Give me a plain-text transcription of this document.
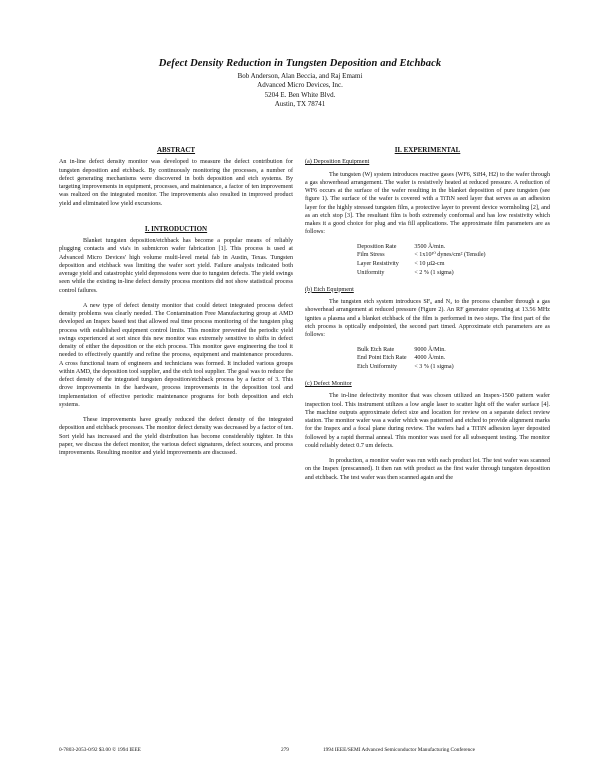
Defect Density Reduction in Tungsten Deposition and Etchback
Bob Anderson, Alan Beccia, and Raj Emami
Advanced Micro Devices, Inc.
5204 E. Ben White Blvd.
Austin, TX 78741
ABSTRACT

An in-line defect density monitor was developed to measure the defect contribution for tungsten deposition and etchback. By continuously monitoring the processes, a number of defect generating mechanisms were discovered in both deposition and etch systems. By targeting improvements in equipment, processes, and maintenance, a factor of ten improvement was realized on the integrated monitor. The improvements also resulted in improved product yield and eliminated low yield excursions.

I. INTRODUCTION

Blanket tungsten deposition/etchback has become a popular means of reliably plugging contacts and via's in submicron wafer fabrication [1]. This process is used at Advanced Micro Devices' high volume multi-level metal fab in Austin, Texas. Tungsten deposition and etchback was limiting the wafer sort yield. Failure analysis indicated both average yield and catastrophic yield depressions were due to tungsten defects. The yield swings seen while the existing in-line defect density process monitors did not show statistical process control failures.

A new type of defect density monitor that could detect integrated process defect density problems was clearly needed. The Contamination Free Manufacturing group at AMD developed an Inspex based test that allowed real time process monitoring of the tungsten plug process with established equipment control limits. This monitor prevented the periodic yield swings experienced at sort since this new monitor was extremely sensitive to shifts in defect density of either the deposition or the etch process. This monitor gave engineering the tool it needed to effectively quantify and refine the process, equipment and maintenance procedures. A cross functional team of engineers and technicians was formed. It included various groups within AMD, the deposition tool supplier, and the etch tool supplier. The goal was to reduce the defect density of the integrated tungsten deposition/etchback process by a factor of 3. This drove improvements in the hardware, process improvements in the deposition tool and implementation of effective periodic maintenance programs for both deposition and etch systems.

These improvements have greatly reduced the defect density of the integrated deposition and etchback processes. The monitor defect density was decreased by a factor of ten. Sort yield has increased and the yield distribution has become considerably tighter. In this paper, we discuss the defect monitor, the various defect signatures, defect sources, and process improvements. Resulting monitor and yield improvements are discussed.

II. EXPERIMENTAL
(a) Deposition Equipment

The tungsten (W) system introduces reactive gases (WF6, SiH4, H2) to the wafer through a gas showerhead arrangement. The wafer is resistively heated at reduced pressure. A reduction of WF6 occurs at the surface of the wafer resulting in the blanket deposition of pure tungsten (see figure 1). The surface of the wafer is covered with a TiTiN seed layer that serves as an adhesion layer for the highly stressed tungsten film, a protective layer to prevent device wormholing [2], and as an etch stop [3]. The resultant film is both extremely conformal and has low resistivity which makes it a good choice for plug and via fill applications. The approximate film parameters are as follows:

Deposition Rate	3500 Å/min.
Film Stress	< 1x10¹⁰ dynes/cm² (Tensile)
Layer Resistivity	< 10 µΩ-cm
Uniformity	< 2 % (1 sigma)
(b) Etch Equipment

The tungsten etch system introduces SF₆ and N₂ to the process chamber through a gas showerhead arrangement at reduced pressure (Figure 2). An RF generator operating at 13.56 MHz ignites a plasma and a blanket etchback of the film is performed in two steps. The first part of the etch process is optically endpointed, the second part timed. Approximate etch parameters are as follows:

Bulk Etch Rate	9000 Å/Min.
End Point Etch Rate	4000 Å/min.
Etch Uniformity	< 3 % (1 sigma)
(c) Defect Monitor

The in-line defectivity monitor that was chosen utilized an Inspex-1500 pattern wafer inspection tool. This instrument utilizes a low angle laser to scatter light off the wafer surface [4]. The machine outputs approximate defect size and location for review on a separate defect review station. The monitor wafer was a wafer which was patterned and etched to provide alignment marks for the Inspex and a focal plane during review. The wafers had a TiTiN adhesion layer deposited followed by a rapid thermal anneal. This monitor was used for all subsequent testing. The monitor could reliably detect 0.7 um defects.

In production, a monitor wafer was run with each product lot. The test wafer was scanned on the Inspex (prescanned). It then ran with product as the first wafer through tungsten deposition and etchback. The test wafer was then scanned again and the

0-7803-2053-0/92 $3.00 © 1994 IEEE	279	1994 IEEE/SEMI Advanced Semiconductor Manufacturing Conference
